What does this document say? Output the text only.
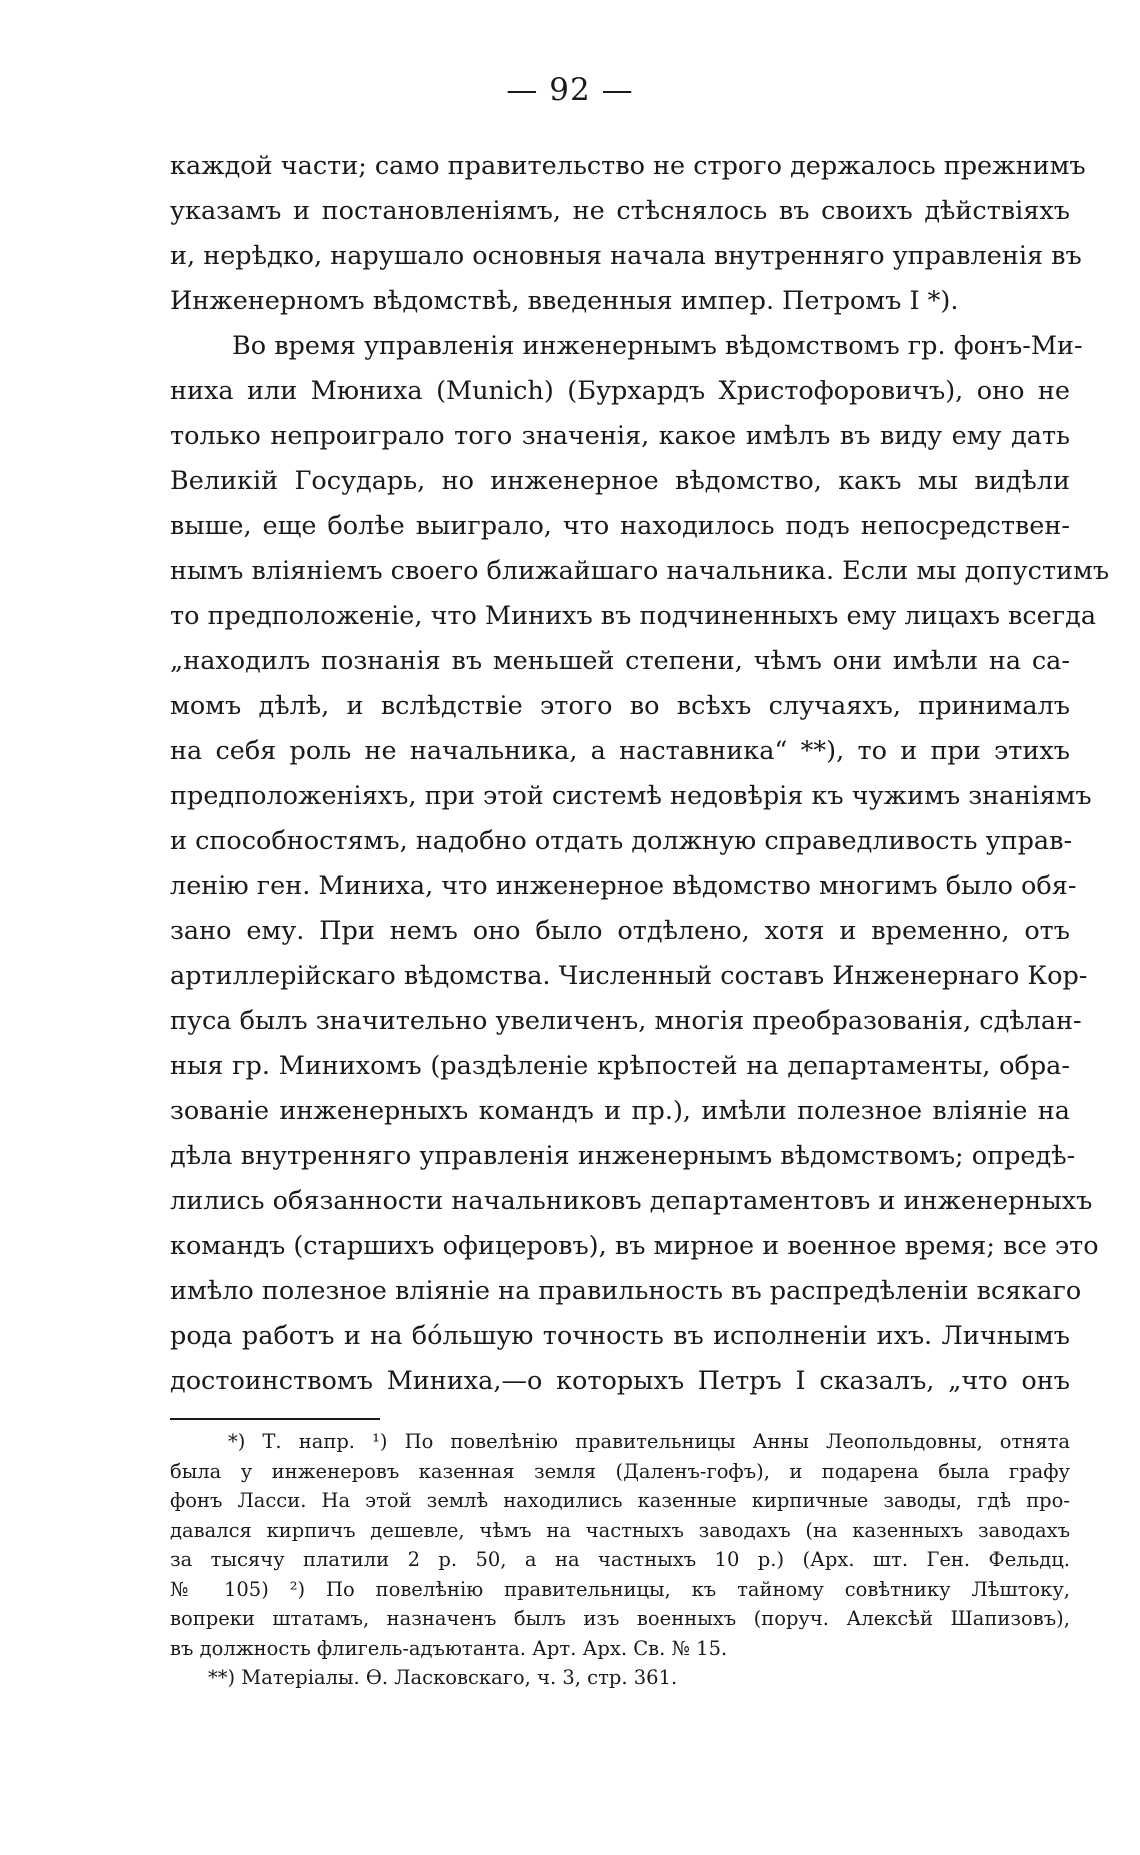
— 92 —
каждой части; само правительство не строго держалось прежнимъ
указамъ и постановленіямъ, не стѣснялось въ своихъ дѣйствіяхъ
и, нерѣдко, нарушало основныя начала внутренняго управленія въ
Инженерномъ вѣдомствѣ, введенныя импер. Петромъ I *).
Во время управленія инженернымъ вѣдомствомъ гр. фонъ-Ми-
ниха или Мюниха (Munich) (Бурхардъ Христофоровичъ), оно не
только непроиграло того значенія, какое имѣлъ въ виду ему дать
Великій Государь, но инженерное вѣдомство, какъ мы видѣли
выше, еще болѣе выиграло, что находилось подъ непосредствен-
нымъ вліяніемъ своего ближайшаго начальника. Если мы допустимъ
то предположеніе, что Минихъ въ подчиненныхъ ему лицахъ всегда
„находилъ познанія въ меньшей степени, чѣмъ они имѣли на са-
момъ дѣлѣ, и вслѣдствіе этого во всѣхъ случаяхъ, принималъ
на себя роль не начальника, а наставника“ **), то и при этихъ
предположеніяхъ, при этой системѣ недовѣрія къ чужимъ знаніямъ
и способностямъ, надобно отдать должную справедливость управ-
ленію ген. Миниха, что инженерное вѣдомство многимъ было обя-
зано ему. При немъ оно было отдѣлено, хотя и временно, отъ
артиллерійскаго вѣдомства. Численный составъ Инженернаго Кор-
пуса былъ значительно увеличенъ, многія преобразованія, сдѣлан-
ныя гр. Минихомъ (раздѣленіе крѣпостей на департаменты, обра-
зованіе инженерныхъ командъ и пр.), имѣли полезное вліяніе на
дѣла внутренняго управленія инженернымъ вѣдомствомъ; опредѣ-
лились обязанности начальниковъ департаментовъ и инженерныхъ
командъ (старшихъ офицеровъ), въ мирное и военное время; все это
имѣло полезное вліяніе на правильность въ распредѣленіи всякаго
рода работъ и на бóльшую точность въ исполненіи ихъ. Личнымъ
достоинствомъ Миниха,—о которыхъ Петръ I сказалъ, „что онъ
*) Т. напр. ¹) По повелѣнію правительницы Анны Леопольдовны, отнята
была у инженеровъ казенная земля (Даленъ-гофъ), и подарена была графу
фонъ Ласси. На этой землѣ находились казенные кирпичные заводы, гдѣ про-
давался кирпичъ дешевле, чѣмъ на частныхъ заводахъ (на казенныхъ заводахъ
за тысячу платили 2 р. 50, а на частныхъ 10 р.) (Арх. шт. Ген. Фельдц.
№ 105) ²) По повелѣнію правительницы, къ тайному совѣтнику Лѣштоку,
вопреки штатамъ, назначенъ былъ изъ военныхъ (поруч. Алексѣй Шапизовъ),
въ должность флигель-адъютанта. Арт. Арх. Св. № 15.
**) Матеріалы. Ѳ. Ласковскаго, ч. 3, стр. 361.
